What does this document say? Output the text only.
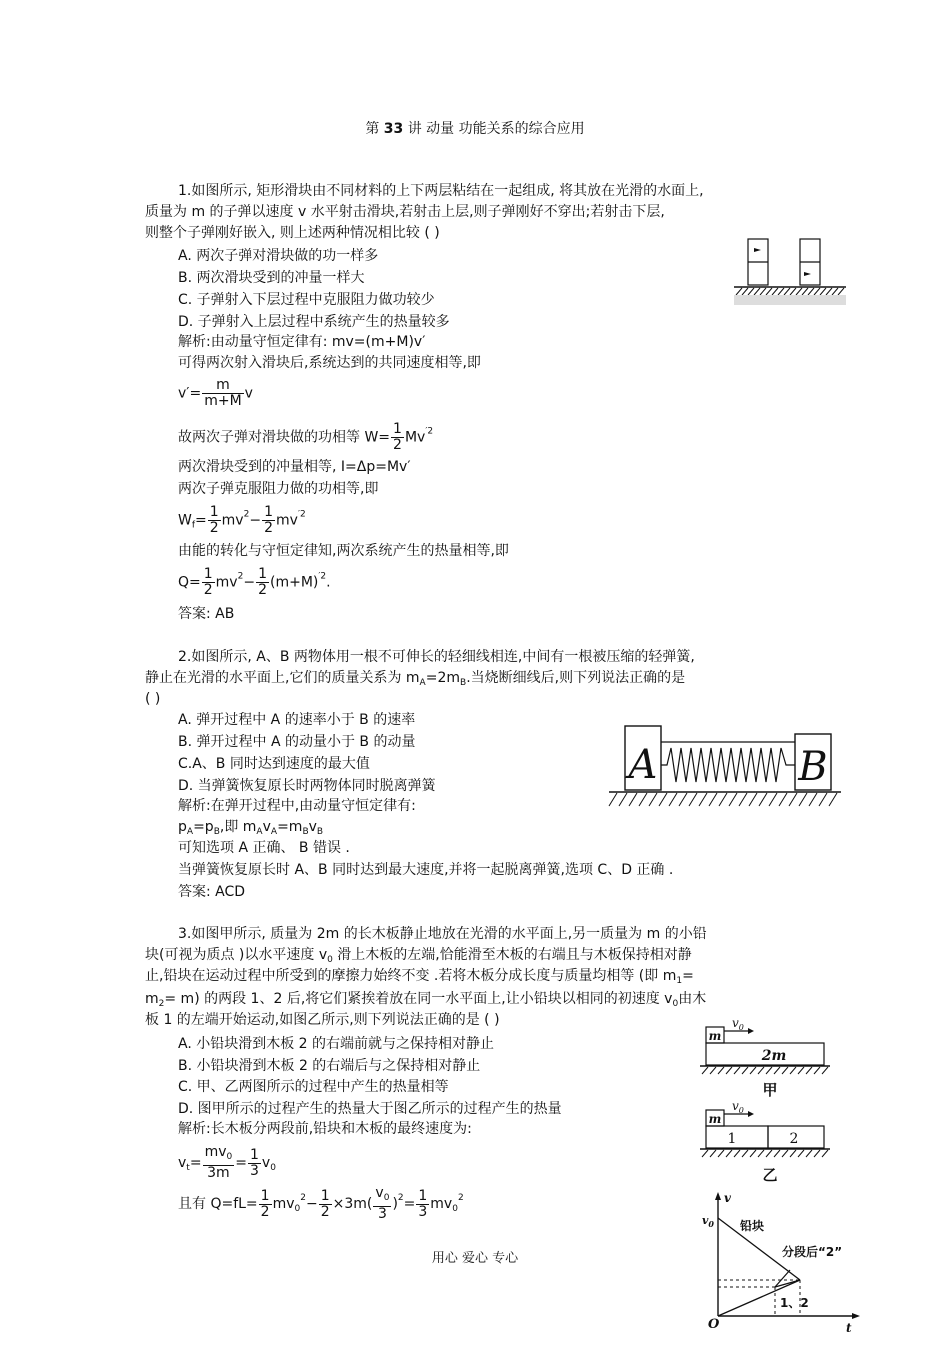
第 33 讲 动量 功能关系的综合应用
1.如图所示, 矩形滑块由不同材料的上下两层粘结在一起组成, 将其放在光滑的水面上,
质量为 m 的子弹以速度 v 水平射击滑块,若射击上层,则子弹刚好不穿出;若射击下层,
则整个子弹刚好嵌入, 则上述两种情况相比较 ( )
A. 两次子弹对滑块做的功一样多
B. 两次滑块受到的冲量一样大
C. 子弹射入下层过程中克服阻力做功较少
D. 子弹射入上层过程中系统产生的热量较多
解析:由动量守恒定律有: mv=(m+M)v′
可得两次射入滑块后,系统达到的共同速度相等,即
$v'= \frac{m}{m+M}$ v
故两次子弹对滑块做的功相等 $W= \frac{1}{2} Mv^{'2}$
两次滑块受到的冲量相等, I=Δp=Mv′
两次子弹克服阻力做的功相等,即
$W_f= \frac{1}{2} mv^2- \frac{1}{2} mv^{'2}$
由能的转化与守恒定律知,两次系统产生的热量相等,即
$Q= \frac{1}{2} mv^2- \frac{1}{2} (m+M)^{'2}$.
答案: AB
2.如图所示, A、B 两物体用一根不可伸长的轻细线相连,中间有一根被压缩的轻弹簧,
静止在光滑的水平面上,它们的质量关系为 $m_A=2m_B$.当烧断细线后,则下列说法正确的是
( )
A. 弹开过程中 A 的速率小于 B 的速率
B. 弹开过程中 A 的动量小于 B 的动量
C.A、B 同时达到速度的最大值
D. 当弹簧恢复原长时两物体同时脱离弹簧
解析:在弹开过程中,由动量守恒定律有:
$p_A=p_B$,即 $m_Av_A=m_Bv_B$
可知选项 A 正确、 B 错误 .
当弹簧恢复原长时 A、B 同时达到最大速度,并将一起脱离弹簧,选项 C、D 正确 .
答案: ACD
A	B
3.如图甲所示, 质量为 2m 的长木板静止地放在光滑的水平面上,另一质量为 m 的小铅
块(可视为质点 )以水平速度 $v_0$ 滑上木板的左端,恰能滑至木板的右端且与木板保持相对静
止,铅块在运动过程中所受到的摩擦力始终不变 .若将木板分成长度与质量均相等 (即 $m_1=$
$m_2= m$) 的两段 1、2 后,将它们紧挨着放在同一水平面上,让小铅块以相同的初速度 $v_0$由木
板 1 的左端开始运动,如图乙所示,则下列说法正确的是 ( )
A. 小铅块滑到木板 2 的右端前就与之保持相对静止
B. 小铅块滑到木板 2 的右端后与之保持相对静止
C. 甲、乙两图所示的过程中产生的热量相等
D. 图甲所示的过程产生的热量大于图乙所示的过程产生的热量
解析:长木板分两段前,铅块和木板的最终速度为:
$v_t= \frac{mv_0}{3m} = \frac{1}{3} v_0$
且有 $Q=fL= \frac{1}{2} mv_0^2- \frac{1}{2} \times 3m( \frac{v_0}{3} )^2= \frac{1}{3} mv_0^2$
$v_0$
m
2m
甲
$v_0$
m
1	2
乙
v
$v_0$
O	t
铅块
分段后“2”
1、2
用心 爱心 专心
